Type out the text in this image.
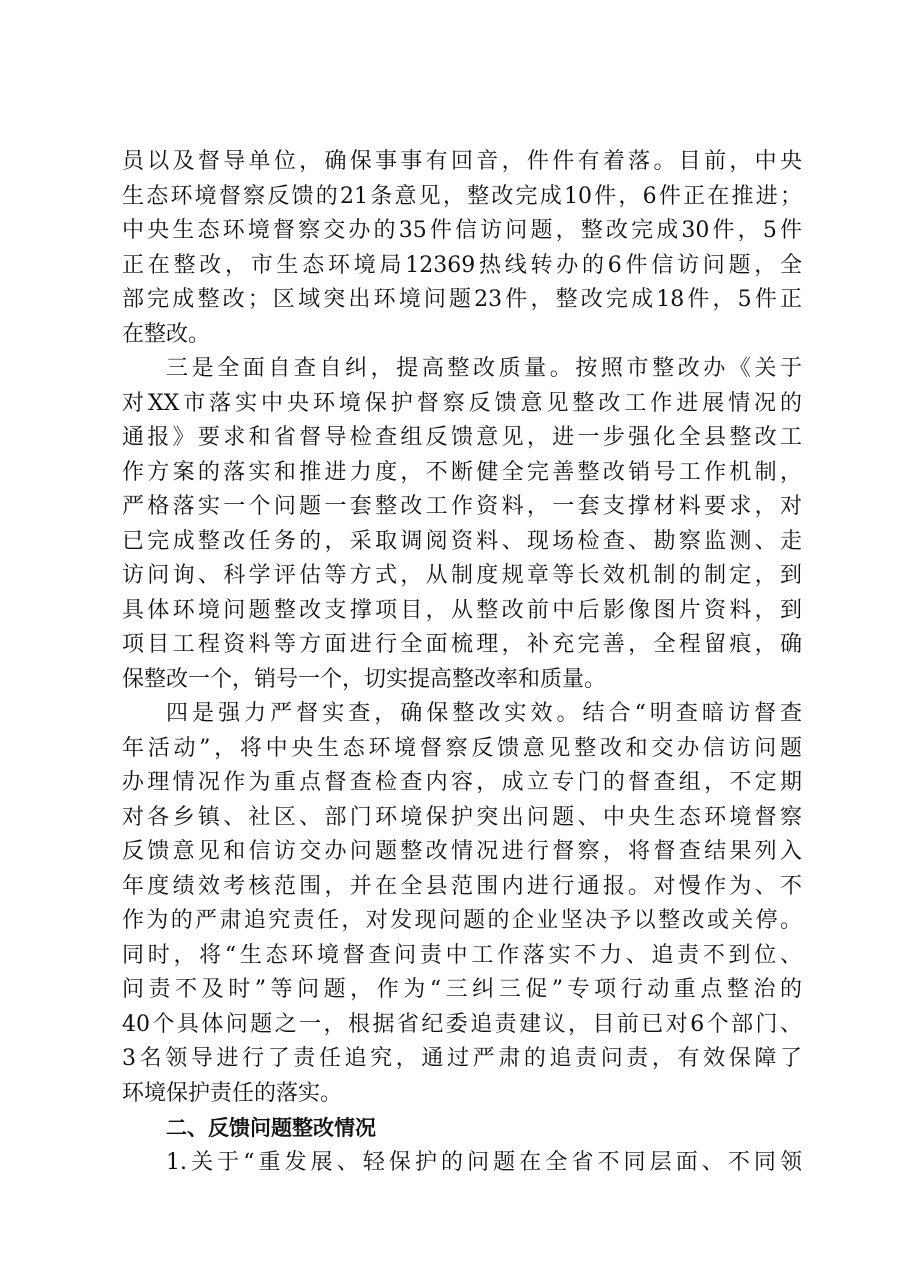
员以及督导单位，确保事事有回音，件件有着落。目前，中央
生态环境督察反馈的21条意见，整改完成10件，6件正在推进；
中央生态环境督察交办的35件信访问题，整改完成30件，5件
正在整改，市生态环境局12369热线转办的6件信访问题，全
部完成整改；区域突出环境问题23件，整改完成18件，5件正
在整改。
三是全面自查自纠，提高整改质量。按照市整改办《关于
对XX市落实中央环境保护督察反馈意见整改工作进展情况的
通报》要求和省督导检查组反馈意见，进一步强化全县整改工
作方案的落实和推进力度，不断健全完善整改销号工作机制，
严格落实一个问题一套整改工作资料，一套支撑材料要求，对
已完成整改任务的，采取调阅资料、现场检查、勘察监测、走
访问询、科学评估等方式，从制度规章等长效机制的制定，到
具体环境问题整改支撑项目，从整改前中后影像图片资料，到
项目工程资料等方面进行全面梳理，补充完善，全程留痕，确
保整改一个，销号一个，切实提高整改率和质量。
四是强力严督实查，确保整改实效。结合“明查暗访督查
年活动”，将中央生态环境督察反馈意见整改和交办信访问题
办理情况作为重点督查检查内容，成立专门的督查组，不定期
对各乡镇、社区、部门环境保护突出问题、中央生态环境督察
反馈意见和信访交办问题整改情况进行督察，将督查结果列入
年度绩效考核范围，并在全县范围内进行通报。对慢作为、不
作为的严肃追究责任，对发现问题的企业坚决予以整改或关停。
同时，将“生态环境督查问责中工作落实不力、追责不到位、
问责不及时”等问题，作为“三纠三促”专项行动重点整治的
40个具体问题之一，根据省纪委追责建议，目前已对6个部门、
3名领导进行了责任追究，通过严肃的追责问责，有效保障了
环境保护责任的落实。
二、反馈问题整改情况
1.关于“重发展、轻保护的问题在全省不同层面、不同领
